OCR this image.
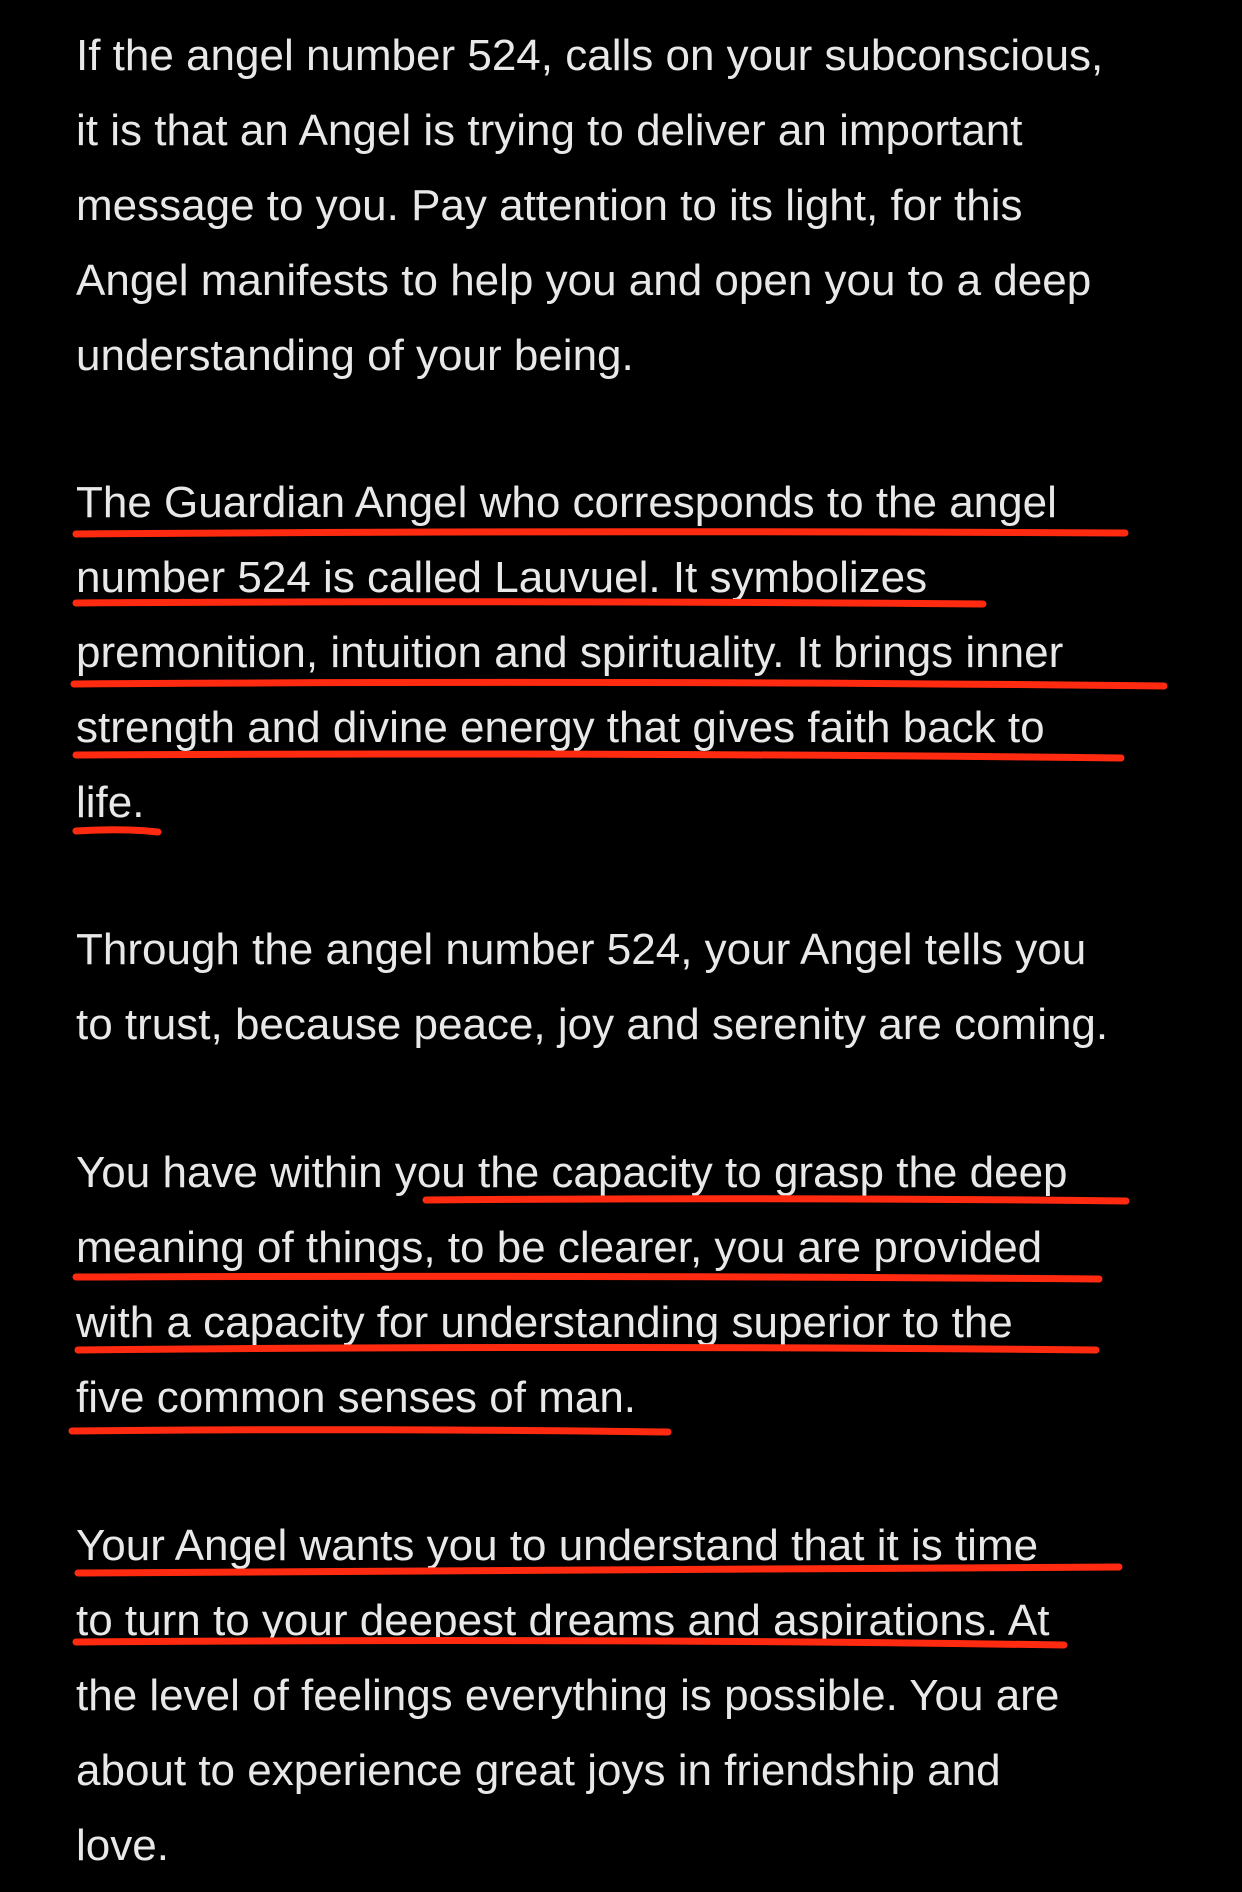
If the angel number 524, calls on your subconscious,
it is that an Angel is trying to deliver an important
message to you. Pay attention to its light, for this
Angel manifests to help you and open you to a deep
understanding of your being.

The Guardian Angel who corresponds to the angel
number 524 is called Lauvuel. It symbolizes
premonition, intuition and spirituality. It brings inner
strength and divine energy that gives faith back to
life.

Through the angel number 524, your Angel tells you
to trust, because peace, joy and serenity are coming.

You have within you the capacity to grasp the deep
meaning of things, to be clearer, you are provided
with a capacity for understanding superior to the
five common senses of man.

Your Angel wants you to understand that it is time
to turn to your deepest dreams and aspirations. At
the level of feelings everything is possible. You are
about to experience great joys in friendship and
love.
